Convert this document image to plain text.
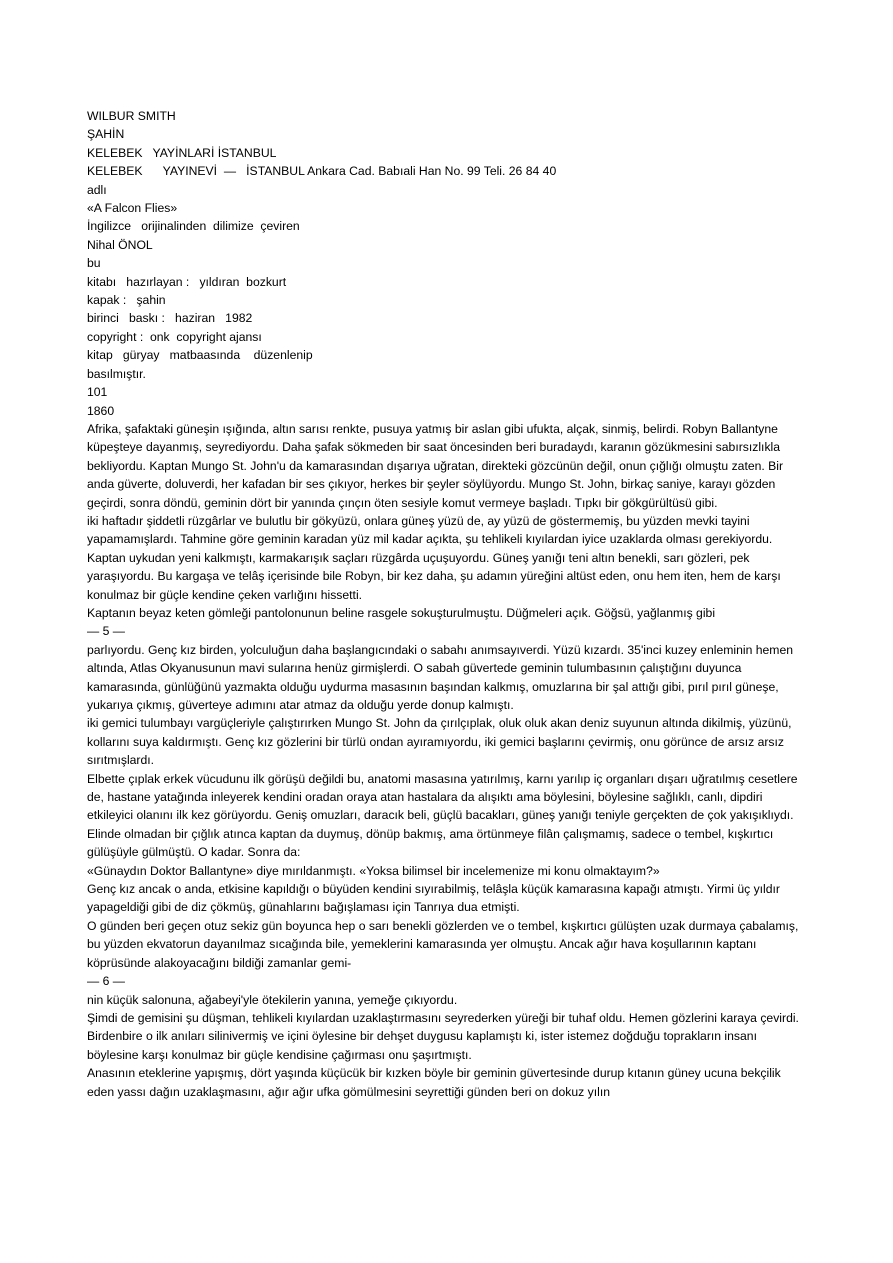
WILBUR SMITH
ŞAHİN
KELEBEK   YAYİNLARİ İSTANBUL
KELEBEK      YAYINEVİ  —   İSTANBUL Ankara Cad. Babıali Han No. 99 Teli. 26 84 40
adlı
«A Falcon Flies»
İngilizce   orijinalinden  dilimize  çeviren
Nihal ÖNOL
bu
kitabı   hazırlayan :   yıldıran  bozkurt
kapak :   şahin
birinci   baskı :   haziran   1982
copyright :  onk  copyright ajansı
kitap   güryay   matbaasında    düzenlenip
basılmıştır.
101
1860

Afrika, şafaktaki güneşin ışığında, altın sarısı renkte, pusuya yatmış bir aslan gibi ufukta, alçak, sinmiş, belirdi. Robyn Ballantyne küpeşteye dayanmış, seyrediyordu. Daha şafak sökmeden bir saat öncesinden beri buradaydı, karanın gözükmesini sabırsızlıkla bekliyordu. Kaptan Mungo St. John'u da kamarasından dışarıya uğratan, direkteki gözcünün değil, onun çığlığı olmuştu zaten. Bir anda güverte, doluverdi, her kafadan bir ses çıkıyor, herkes bir şeyler söylüyordu. Mungo St. John, birkaç saniye, karayı gözden geçirdi, sonra döndü, geminin dört bir yanında çınçın öten sesiyle komut vermeye başladı. Tıpkı bir gökgürültüsü gibi.

iki haftadır şiddetli rüzgârlar ve bulutlu bir gökyüzü, onlara güneş yüzü de, ay yüzü de göstermemiş, bu yüzden mevki tayini yapamamışlardı. Tahmine göre geminin karadan yüz mil kadar açıkta, şu tehlikeli kıyılardan iyice uzaklarda olması gerekiyordu.

Kaptan uykudan yeni kalkmıştı, karmakarışık saçları rüzgârda uçuşuyordu. Güneş yanığı teni altın benekli, sarı gözleri, pek yaraşıyordu. Bu kargaşa ve telâş içerisinde bile Robyn, bir kez daha, şu adamın yüreğini altüst eden, onu hem iten, hem de karşı konulmaz bir güçle kendine çeken varlığını hissetti.

Kaptanın beyaz keten gömleği pantolonunun beline rasgele sokuşturulmuştu. Düğmeleri açık. Göğsü, yağlanmış gibi

— 5 —

parlıyordu. Genç kız birden, yolculuğun daha başlangıcındaki o sabahı anımsayıverdi. Yüzü kızardı. 35'inci kuzey enleminin hemen altında, Atlas Okyanusunun mavi sularına henüz girmişlerdi. O sabah güvertede geminin tulumbasının çalıştığını duyunca kamarasında, günlüğünü yazmakta olduğu uydurma masasının başından kalkmış, omuzlarına bir şal attığı gibi, pırıl pırıl güneşe, yukarıya çıkmış, güverteye adımını atar atmaz da olduğu yerde donup kalmıştı.

iki gemici tulumbayı vargüçleriyle çalıştırırken Mungo St. John da çırılçıplak, oluk oluk akan deniz suyunun altında dikilmiş, yüzünü, kollarını suya kaldırmıştı. Genç kız gözlerini bir türlü ondan ayıramıyordu, iki gemici başlarını çevirmiş, onu görünce de arsız arsız sırıtmışlardı.

Elbette çıplak erkek vücudunu ilk görüşü değildi bu, anatomi masasına yatırılmış, karnı yarılıp iç organları dışarı uğratılmış cesetlere de, hastane yatağında inleyerek kendini oradan oraya atan hastalara da alışıktı ama böylesini, böylesine sağlıklı, canlı, dipdiri etkileyici olanını ilk kez görüyordu. Geniş omuzları, daracık beli, güçlü bacakları, güneş yanığı teniyle gerçekten de çok yakışıklıydı. Elinde olmadan bir çığlık atınca kaptan da duymuş, dönüp bakmış, ama örtünmeye filân çalışmamış, sadece o tembel, kışkırtıcı gülüşüyle gülmüştü. O kadar. Sonra da:

«Günaydın Doktor Ballantyne» diye mırıldanmıştı. «Yoksa bilimsel bir incelemenize mi konu olmaktayım?»

Genç kız ancak o anda, etkisine kapıldığı o büyüden kendini sıyırabilmiş, telâşla küçük kamarasına kapağı atmıştı. Yirmi üç yıldır yapageldiği gibi de diz çökmüş, günahlarını bağışlaması için Tanrıya dua etmişti.

O günden beri geçen otuz sekiz gün boyunca hep o sarı benekli gözlerden ve o tembel, kışkırtıcı gülüşten uzak durmaya çabalamış, bu yüzden ekvatorun dayanılmaz sıcağında bile, yemeklerini kamarasında yer olmuştu. Ancak ağır hava koşullarının kaptanı köprüsünde alakoyacağını bildiği zamanlar gemi-

— 6 —

nin küçük salonuna, ağabeyi'yle ötekilerin yanına, yemeğe çıkıyordu.

Şimdi de gemisini şu düşman, tehlikeli kıyılardan uzaklaştırmasını seyrederken yüreği bir tuhaf oldu. Hemen gözlerini karaya çevirdi. Birdenbire o ilk anıları silinivermiş ve içini öylesine bir dehşet duygusu kaplamıştı ki, ister istemez doğduğu toprakların insanı böylesine karşı konulmaz bir güçle kendisine çağırması onu şaşırtmıştı.

Anasının eteklerine yapışmış, dört yaşında küçücük bir kızken böyle bir geminin güvertesinde durup kıtanın güney ucuna bekçilik eden yassı dağın uzaklaşmasını, ağır ağır ufka gömülmesini seyrettiği günden beri on dokuz yılın
